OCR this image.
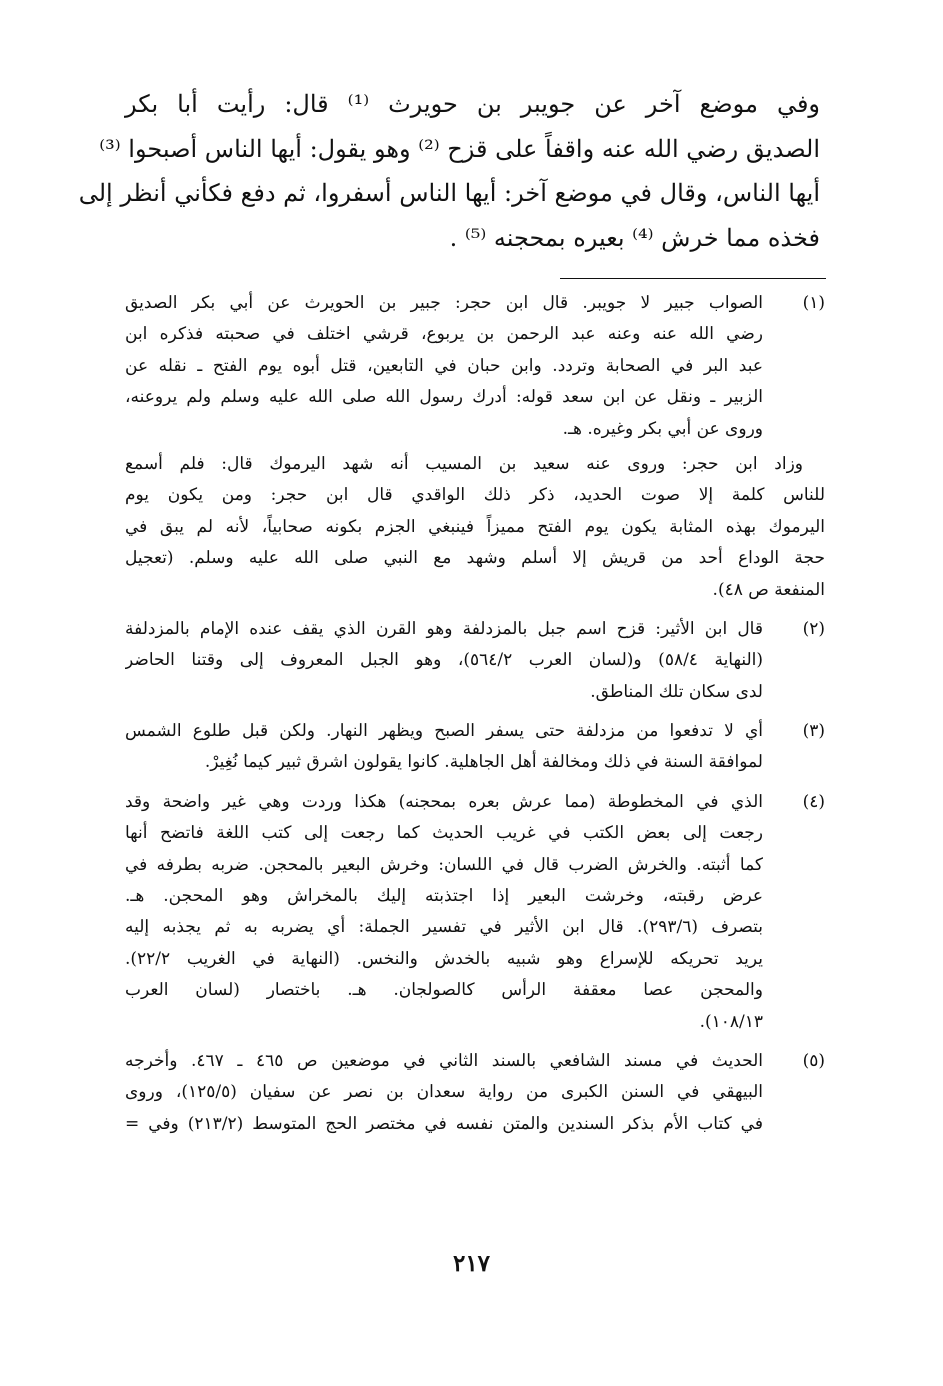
وفي موضع آخر عن جويبر بن حويرث ⁽¹⁾ قال: رأيت أبا بكر
الصديق رضي الله عنه واقفاً على قزح ⁽²⁾ وهو يقول: أيها الناس أصبحوا ⁽³⁾
أيها الناس، وقال في موضع آخر: أيها الناس أسفروا، ثم دفع فكأني أنظر إلى
فخذه مما خرش ⁽⁴⁾ بعيره بمحجنه ⁽⁵⁾ .
(١)
الصواب جبير لا جويبر. قال ابن حجر: جبير بن الحويرث عن أبي بكر الصديق
رضي الله عنه وعنه عبد الرحمن بن يربوع، قرشي اختلف في صحبته فذكره ابن
عبد البر في الصحابة وتردد. وابن حبان في التابعين، قتل أبوه يوم الفتح ـ نقله عن
الزبير ـ ونقل عن ابن سعد قوله: أدرك رسول الله صلى الله عليه وسلم ولم يروعنه،
وروى عن أبي بكر وغيره. هـ.
وزاد ابن حجر: وروى عنه سعيد بن المسيب أنه شهد اليرموك قال: فلم أسمع
للناس كلمة إلا صوت الحديد، ذكر ذلك الواقدي قال ابن حجر: ومن يكون يوم
اليرموك بهذه المثابة يكون يوم الفتح مميزاً فينبغي الجزم بكونه صحابياً، لأنه لم يبق في
حجة الوداع أحد من قريش إلا أسلم وشهد مع النبي صلى الله عليه وسلم. (تعجيل
المنفعة ص ٤٨).
(٢)
قال ابن الأثير: قزح اسم جبل بالمزدلفة وهو القرن الذي يقف عنده الإمام بالمزدلفة
(النهاية ٥٨/٤) و(لسان العرب ٥٦٤/٢)، وهو الجبل المعروف إلى وقتنا الحاضر
لدى سكان تلك المناطق.
(٣)
أي لا تدفعوا من مزدلفة حتى يسفر الصبح ويظهر النهار. ولكن قبل طلوع الشمس
لموافقة السنة في ذلك ومخالفة أهل الجاهلية. كانوا يقولون اشرق ثبير كيما نُغِيرْ.
(٤)
الذي في المخطوطة (مما عرش بعره بمحجنه) هكذا وردت وهي غير واضحة وقد
رجعت إلى بعض الكتب في غريب الحديث كما رجعت إلى كتب اللغة فاتضح أنها
كما أثبته. والخرش الضرب قال في اللسان: وخرش البعير بالمحجن. ضربه بطرفه في
عرض رقبته، وخرشت البعير إذا اجتذبته إليك بالمخراش وهو المحجن. هـ.
بتصرف (٢٩٣/٦). قال ابن الأثير في تفسير الجملة: أي يضربه به ثم يجذبه إليه
يريد تحريكه للإسراع وهو شبيه بالخدش والنخس. (النهاية في الغريب ٢٢/٢).
والمحجن عصا معقفة الرأس كالصولجان. هـ. باختصار (لسان العرب
١٠٨/١٣).
(٥)
الحديث في مسند الشافعي بالسند الثاني في موضعين ص ٤٦٥ ـ ٤٦٧. وأخرجه
البيهقي في السنن الكبرى من رواية سعدان بن نصر عن سفيان (١٢٥/٥)، وروى
في كتاب الأم بذكر السندين والمتن نفسه في مختصر الحج المتوسط (٢١٣/٢) وفي =
٢١٧
